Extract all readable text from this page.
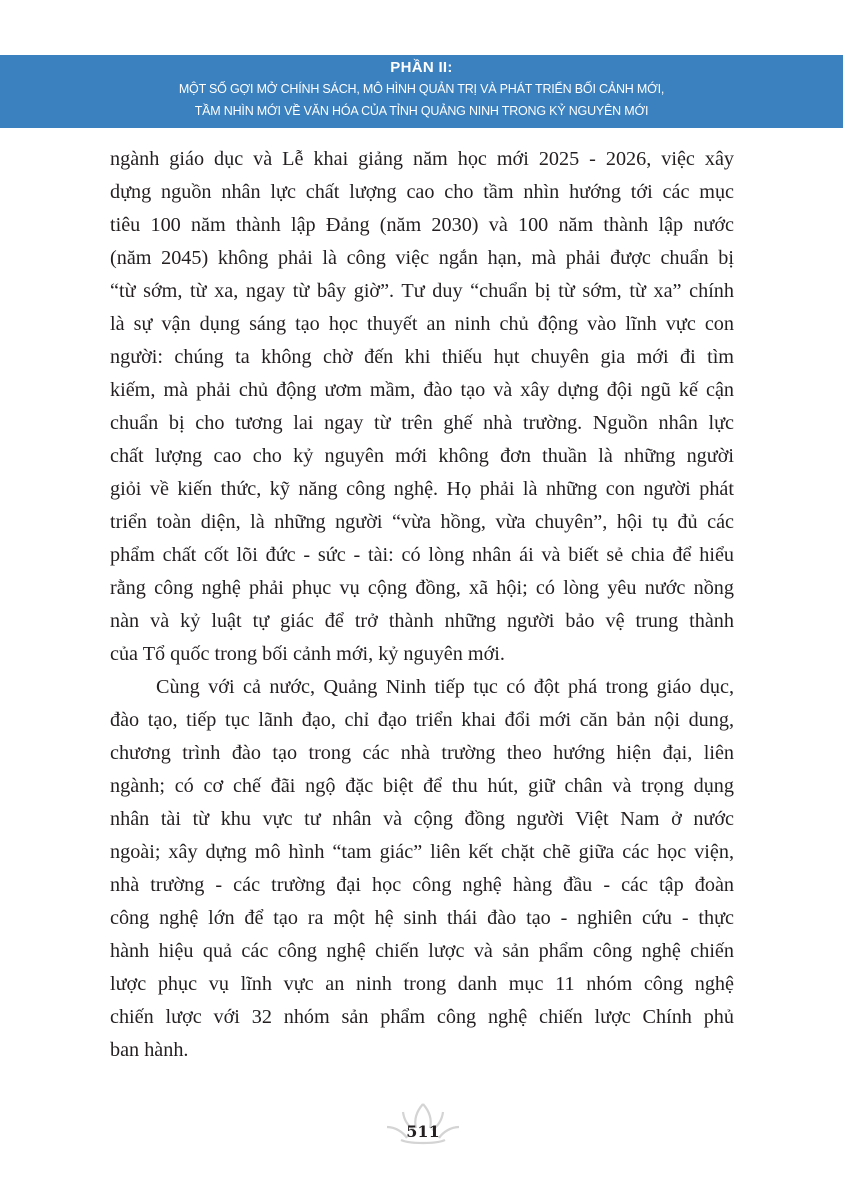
PHẦN II:
MỘT SỐ GỢI MỞ CHÍNH SÁCH, MÔ HÌNH QUẢN TRỊ VÀ PHÁT TRIỂN BỐI CẢNH MỚI,
TẦM NHÌN MỚI VỀ VĂN HÓA CỦA TỈNH QUẢNG NINH TRONG KỶ NGUYÊN MỚI
ngành giáo dục và Lễ khai giảng năm học mới 2025 - 2026, việc xây
dựng nguồn nhân lực chất lượng cao cho tầm nhìn hướng tới các mục
tiêu 100 năm thành lập Đảng (năm 2030) và 100 năm thành lập nước
(năm 2045) không phải là công việc ngắn hạn, mà phải được chuẩn bị
“từ sớm, từ xa, ngay từ bây giờ”. Tư duy “chuẩn bị từ sớm, từ xa” chính
là sự vận dụng sáng tạo học thuyết an ninh chủ động vào lĩnh vực con
người: chúng ta không chờ đến khi thiếu hụt chuyên gia mới đi tìm
kiếm, mà phải chủ động ươm mầm, đào tạo và xây dựng đội ngũ kế cận
chuẩn bị cho tương lai ngay từ trên ghế nhà trường. Nguồn nhân lực
chất lượng cao cho kỷ nguyên mới không đơn thuần là những người
giỏi về kiến thức, kỹ năng công nghệ. Họ phải là những con người phát
triển toàn diện, là những người “vừa hồng, vừa chuyên”, hội tụ đủ các
phẩm chất cốt lõi đức - sức - tài: có lòng nhân ái và biết sẻ chia để hiểu
rằng công nghệ phải phục vụ cộng đồng, xã hội; có lòng yêu nước nồng
nàn và kỷ luật tự giác để trở thành những người bảo vệ trung thành
của Tổ quốc trong bối cảnh mới, kỷ nguyên mới.
Cùng với cả nước, Quảng Ninh tiếp tục có đột phá trong giáo dục,
đào tạo, tiếp tục lãnh đạo, chỉ đạo triển khai đổi mới căn bản nội dung,
chương trình đào tạo trong các nhà trường theo hướng hiện đại, liên
ngành; có cơ chế đãi ngộ đặc biệt để thu hút, giữ chân và trọng dụng
nhân tài từ khu vực tư nhân và cộng đồng người Việt Nam ở nước
ngoài; xây dựng mô hình “tam giác” liên kết chặt chẽ giữa các học viện,
nhà trường - các trường đại học công nghệ hàng đầu - các tập đoàn
công nghệ lớn để tạo ra một hệ sinh thái đào tạo - nghiên cứu - thực
hành hiệu quả các công nghệ chiến lược và sản phẩm công nghệ chiến
lược phục vụ lĩnh vực an ninh trong danh mục 11 nhóm công nghệ
chiến lược với 32 nhóm sản phẩm công nghệ chiến lược Chính phủ
ban hành.
511
